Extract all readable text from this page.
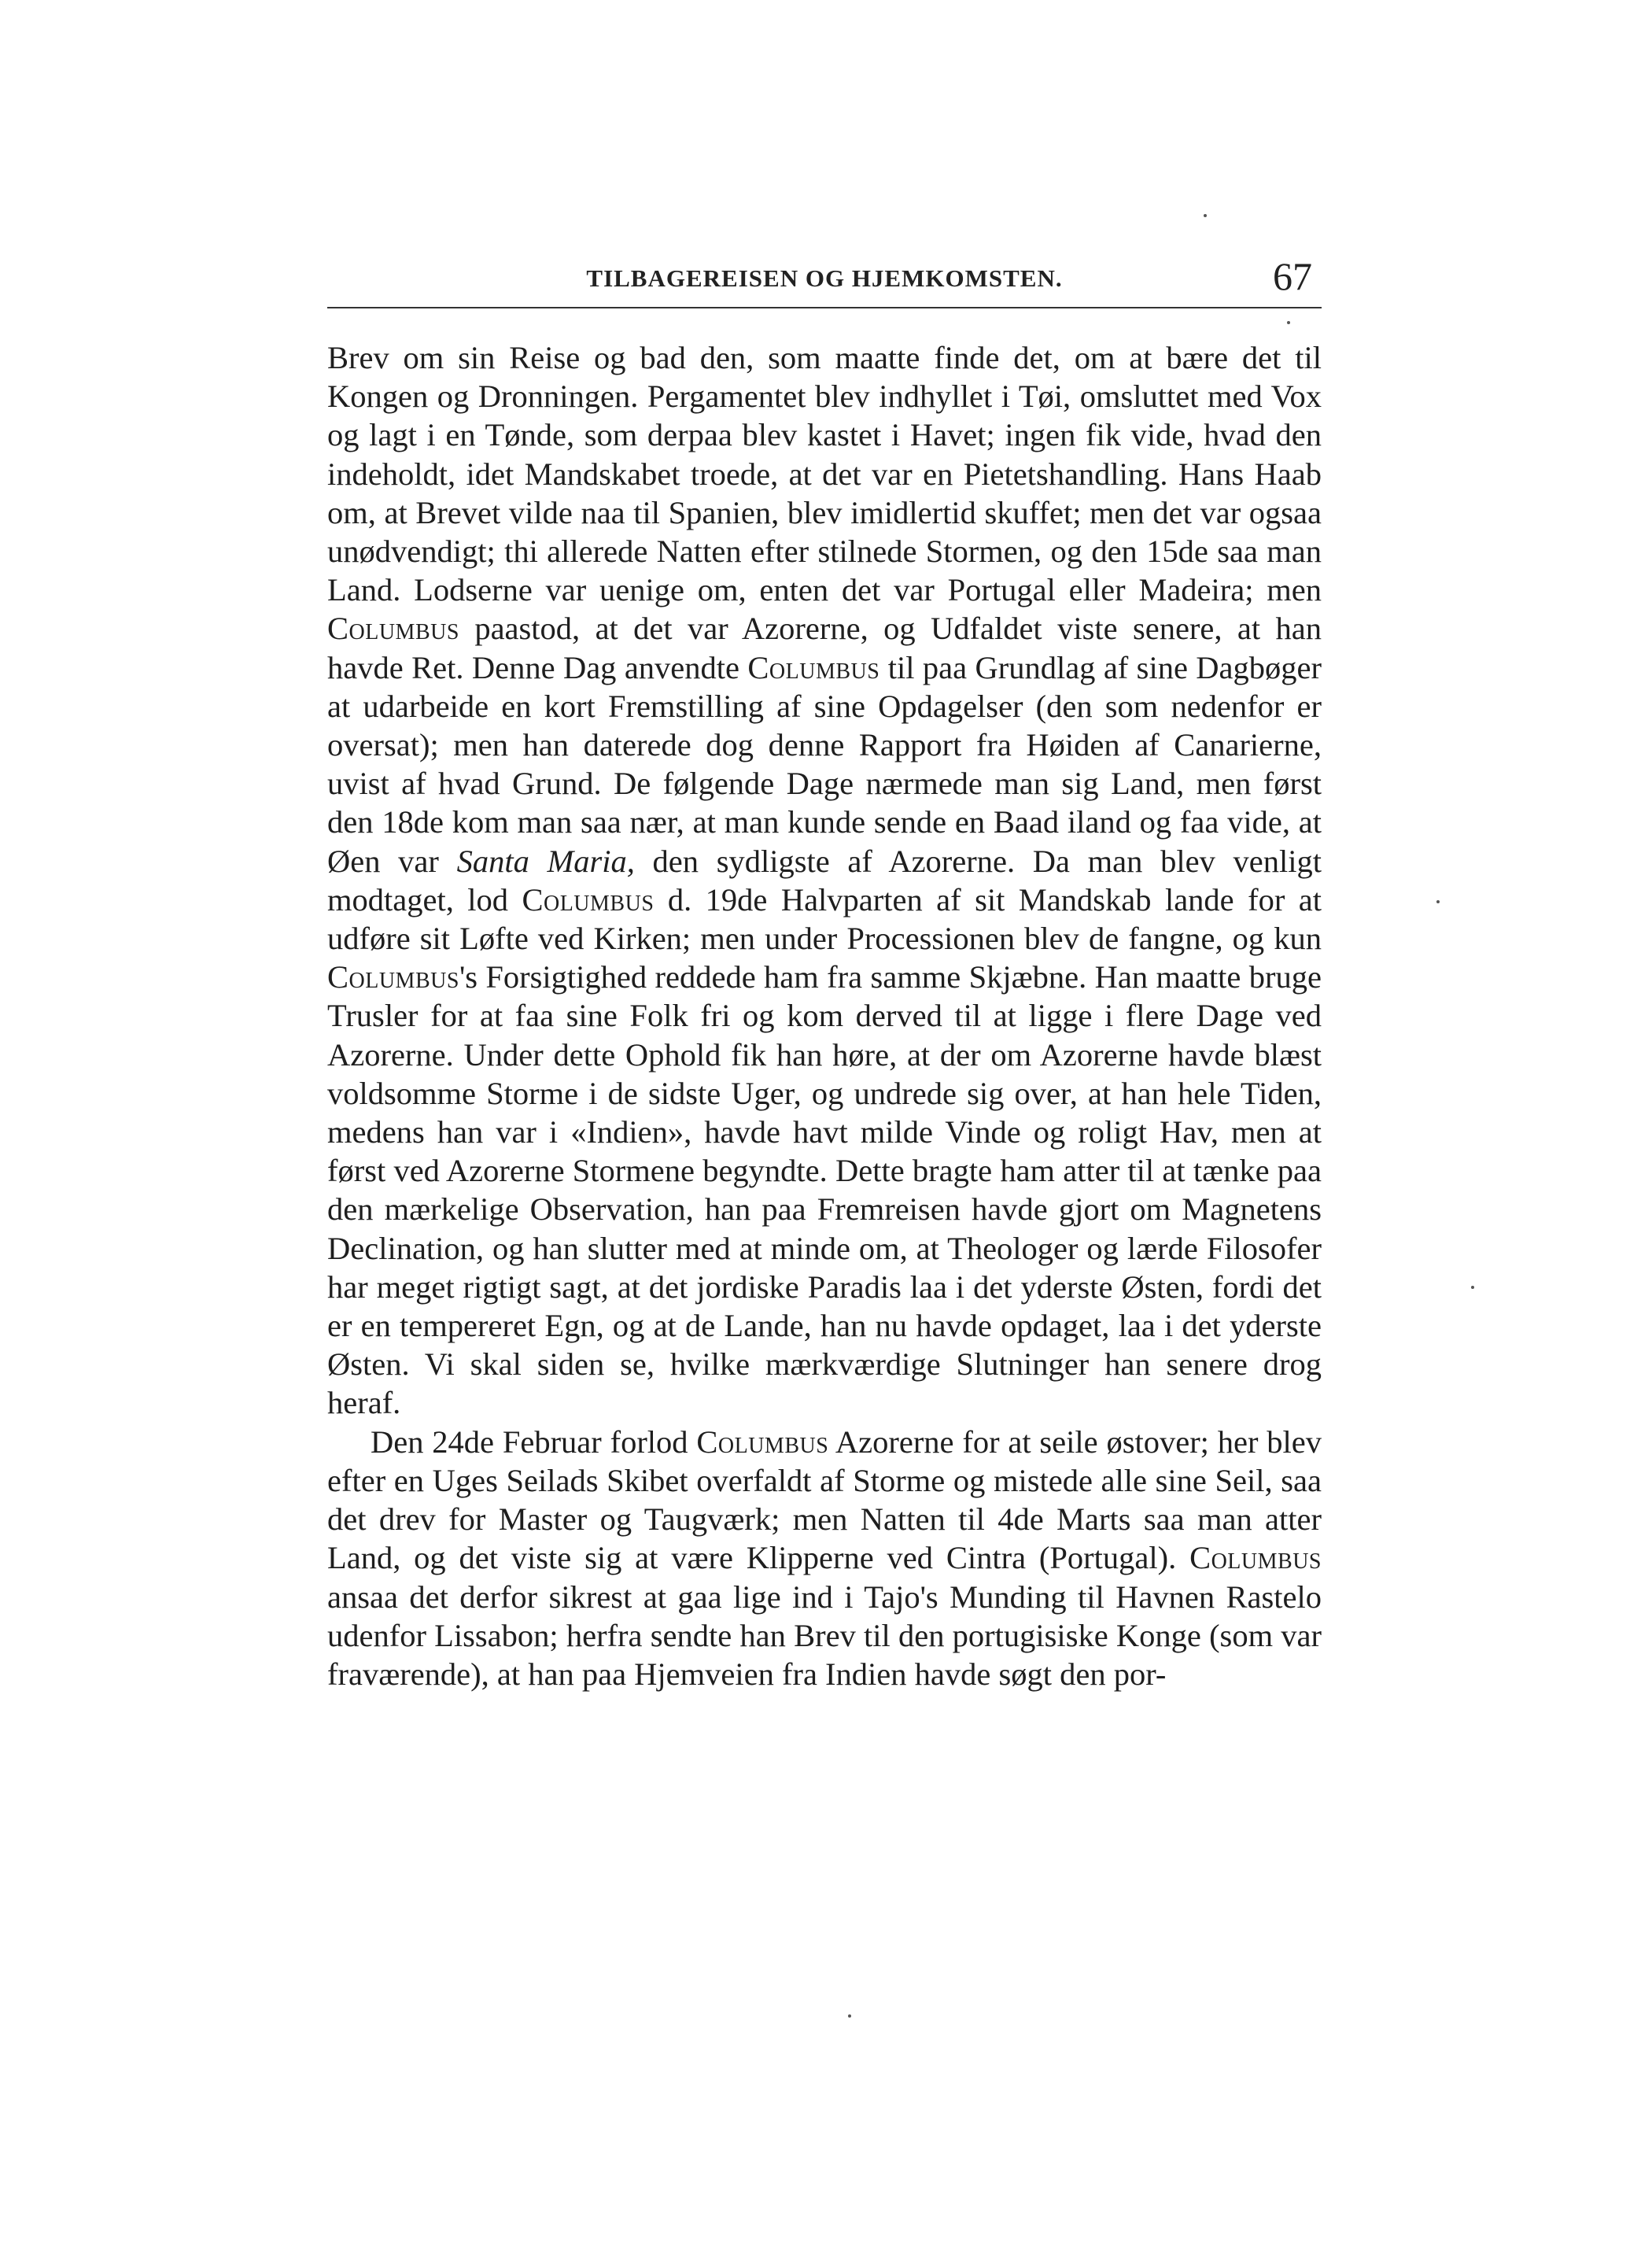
TILBAGEREISEN OG HJEMKOMSTEN.	67

Brev om sin Reise og bad den, som maatte finde det, om at bære det til Kongen og Dronningen. Pergamentet blev indhyllet i Tøi, omsluttet med Vox og lagt i en Tønde, som derpaa blev kastet i Havet; ingen fik vide, hvad den indeholdt, idet Mandskabet troede, at det var en Pietetshandling. Hans Haab om, at Brevet vilde naa til Spanien, blev imidlertid skuffet; men det var ogsaa unødvendigt; thi allerede Natten efter stilnede Stormen, og den 15de saa man Land. Lodserne var uenige om, enten det var Portugal eller Madeira; men Columbus paastod, at det var Azorerne, og Udfaldet viste senere, at han havde Ret. Denne Dag anvendte Columbus til paa Grundlag af sine Dagbøger at udarbeide en kort Fremstilling af sine Opdagelser (den som nedenfor er oversat); men han daterede dog denne Rapport fra Høiden af Canarierne, uvist af hvad Grund. De følgende Dage nærmede man sig Land, men først den 18de kom man saa nær, at man kunde sende en Baad iland og faa vide, at Øen var Santa Maria, den sydligste af Azorerne. Da man blev venligt modtaget, lod Columbus d. 19de Halvparten af sit Mandskab lande for at udføre sit Løfte ved Kirken; men under Processionen blev de fangne, og kun Columbus's Forsigtighed reddede ham fra samme Skjæbne. Han maatte bruge Trusler for at faa sine Folk fri og kom derved til at ligge i flere Dage ved Azorerne. Under dette Ophold fik han høre, at der om Azorerne havde blæst voldsomme Storme i de sidste Uger, og undrede sig over, at han hele Tiden, medens han var i «Indien», havde havt milde Vinde og roligt Hav, men at først ved Azorerne Stormene begyndte. Dette bragte ham atter til at tænke paa den mærkelige Observation, han paa Fremreisen havde gjort om Magnetens Declination, og han slutter med at minde om, at Theologer og lærde Filosofer har meget rigtigt sagt, at det jordiske Paradis laa i det yderste Østen, fordi det er en tempereret Egn, og at de Lande, han nu havde opdaget, laa i det yderste Østen. Vi skal siden se, hvilke mærkværdige Slutninger han senere drog heraf.

Den 24de Februar forlod Columbus Azorerne for at seile østover; her blev efter en Uges Seilads Skibet overfaldt af Storme og mistede alle sine Seil, saa det drev for Master og Taugværk; men Natten til 4de Marts saa man atter Land, og det viste sig at være Klipperne ved Cintra (Portugal). Columbus ansaa det derfor sikrest at gaa lige ind i Tajo's Munding til Havnen Rastelo udenfor Lissabon; herfra sendte han Brev til den portugisiske Konge (som var fraværende), at han paa Hjemveien fra Indien havde søgt den por-
